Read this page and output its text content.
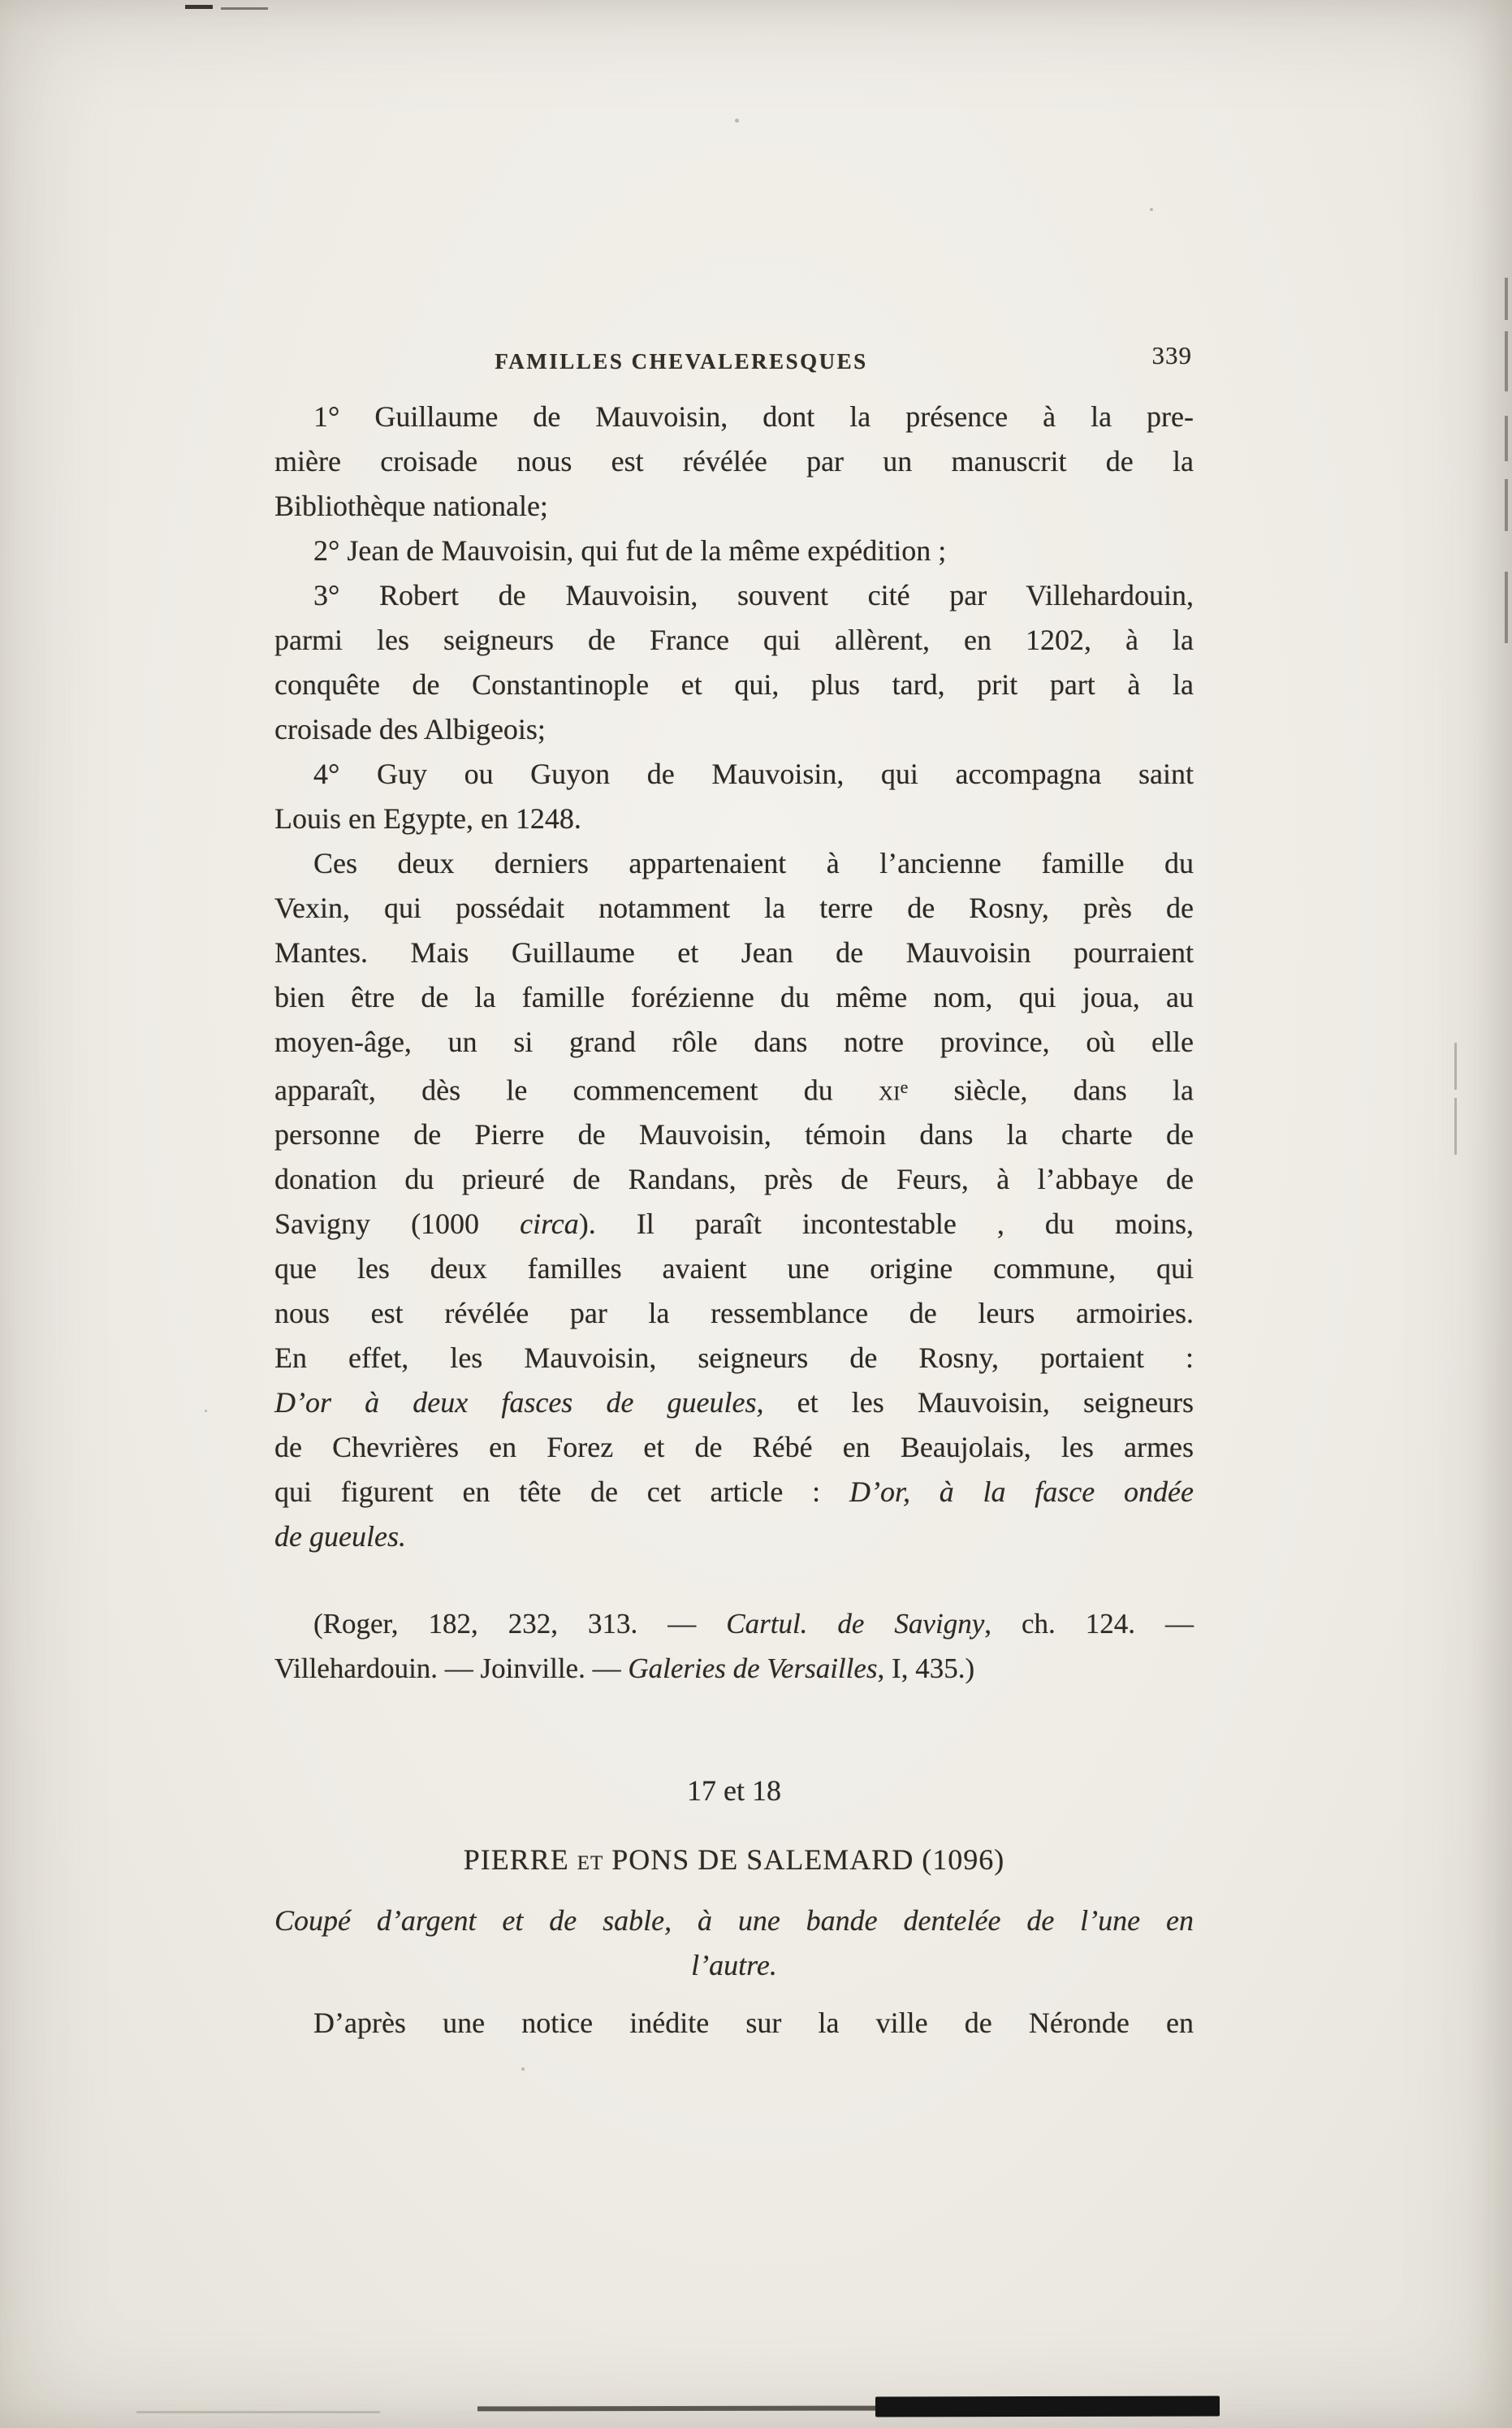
FAMILLES CHEVALERESQUES	339
1° Guillaume de Mauvoisin, dont la présence à la pre-
mière croisade nous est révélée par un manuscrit de la
Bibliothèque nationale;
2° Jean de Mauvoisin, qui fut de la même expédition ;
3° Robert de Mauvoisin, souvent cité par Villehardouin,
parmi les seigneurs de France qui allèrent, en 1202, à la
conquête de Constantinople et qui, plus tard, prit part à la
croisade des Albigeois;
4° Guy ou Guyon de Mauvoisin, qui accompagna saint
Louis en Egypte, en 1248.
Ces deux derniers appartenaient à l’ancienne famille du
Vexin, qui possédait notamment la terre de Rosny, près de
Mantes. Mais Guillaume et Jean de Mauvoisin pourraient
bien être de la famille forézienne du même nom, qui joua, au
moyen-âge, un si grand rôle dans notre province, où elle
apparaît, dès le commencement du $xi^e$ siècle, dans la
personne de Pierre de Mauvoisin, témoin dans la charte de
donation du prieuré de Randans, près de Feurs, à l’abbaye de
Savigny (1000 circa). Il paraît incontestable , du moins,
que les deux familles avaient une origine commune, qui
nous est révélée par la ressemblance de leurs armoiries.
En effet, les Mauvoisin, seigneurs de Rosny, portaient :
D’or à deux fasces de gueules, et les Mauvoisin, seigneurs
de Chevrières en Forez et de Rébé en Beaujolais, les armes
qui figurent en tête de cet article : D’or, à la fasce ondée
de gueules.
(Roger, 182, 232, 313. — Cartul. de Savigny, ch. 124. —
Villehardouin. — Joinville. — Galeries de Versailles, I, 435.)
17 et 18
PIERRE et PONS DE SALEMARD (1096)
Coupé d’argent et de sable, à une bande dentelée de l’une en
l’autre.
D’après une notice inédite sur la ville de Néronde en
